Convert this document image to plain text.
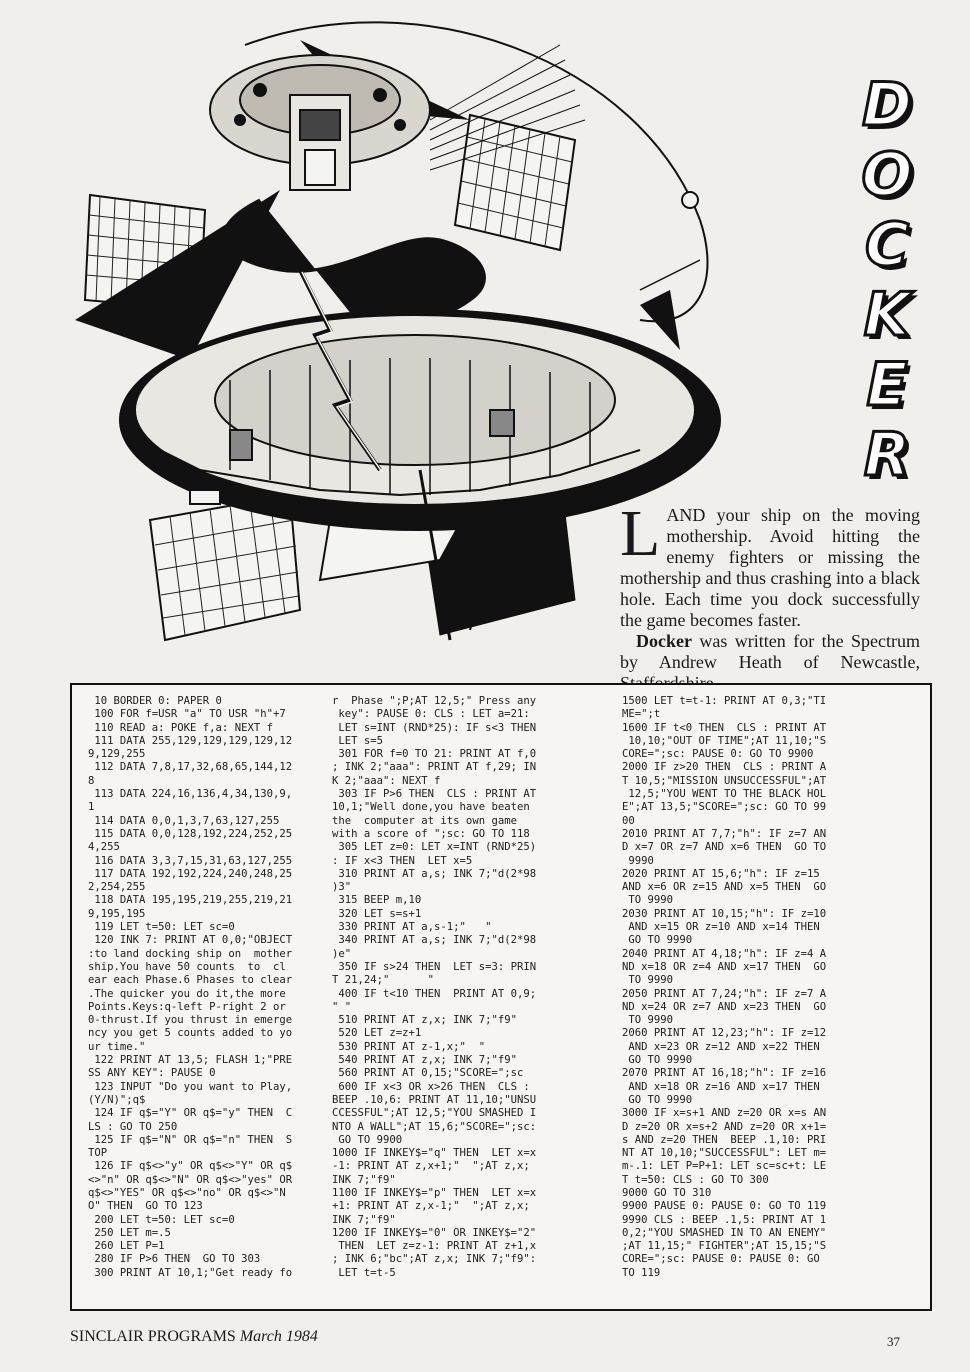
D
O
C
K
E
R

LAND your ship on the moving mothership. Avoid hitting the enemy fighters or missing the mothership and thus crashing into a black hole. Each time you dock successfully the game becomes faster.

Docker was written for the Spectrum by Andrew Heath of Newcastle,

10 BORDER 0: PAPER 0
100 FOR f=USR "a" TO USR "h"+7
110 READ a: POKE f,a: NEXT f
111 DATA 255,129,129,129,129,12
9,129,255
112 DATA 7,8,17,32,68,65,144,12
8
113 DATA 224,16,136,4,34,130,9,
1
114 DATA 0,0,1,3,7,63,127,255
115 DATA 0,0,128,192,224,252,25
4,255
116 DATA 3,3,7,15,31,63,127,255
117 DATA 192,192,224,240,248,25
2,254,255
118 DATA 195,195,219,255,219,21
9,195,195
119 LET t=50: LET sc=0
120 INK 7: PRINT AT 0,0;"OBJECT
:to land docking ship on  mother
ship.You have 50 counts  to  cl
ear each Phase.6 Phases to clear
.The quicker you do it,the more
Points.Keys:q-left P-right 2 or
0-thrust.If you thrust in emerge
ncy you get 5 counts added to yo
ur time."
122 PRINT AT 13,5; FLASH 1;"PRE
SS ANY KEY": PAUSE 0
123 INPUT "Do you want to Play,
(Y/N)";q$
124 IF q$="Y" OR q$="y" THEN  C
LS : GO TO 250
125 IF q$="N" OR q$="n" THEN  S
TOP
126 IF q$<>"y" OR q$<>"Y" OR q$
<>"n" OR q$<>"N" OR q$<>"yes" OR
q$<>"YES" OR q$<>"no" OR q$<>"N
O" THEN  GO TO 123
200 LET t=50: LET sc=0
250 LET m=.5
260 LET P=1
280 IF P>6 THEN  GO TO 303
300 PRINT AT 10,1;"Get ready fo
r  Phase ";P;AT 12,5;" Press any
key": PAUSE 0: CLS : LET a=21:
LET s=INT (RND*25): IF s<3 THEN
LET s=5
301 FOR f=0 TO 21: PRINT AT f,0
; INK 2;"aaa": PRINT AT f,29; IN
K 2;"aaa": NEXT f
303 IF P>6 THEN  CLS : PRINT AT
10,1;"Well done,you have beaten
the  computer at its own game
with a score of ";sc: GO TO 118
305 LET z=0: LET x=INT (RND*25)
: IF x<3 THEN  LET x=5
310 PRINT AT a,s; INK 7;"d(2*98
)3"
315 BEEP m,10
320 LET s=s+1
330 PRINT AT a,s-1;"   "
340 PRINT AT a,s; INK 7;"d(2*98
)e"
350 IF s>24 THEN  LET s=3: PRIN
T 21,24;"      "
400 IF t<10 THEN  PRINT AT 0,9;
" "
510 PRINT AT z,x; INK 7;"f9"
520 LET z=z+1
530 PRINT AT z-1,x;"  "
540 PRINT AT z,x; INK 7;"f9"
560 PRINT AT 0,15;"SCORE=";sc
600 IF x<3 OR x>26 THEN  CLS :
BEEP .10,6: PRINT AT 11,10;"UNSU
CCESSFUL";AT 12,5;"YOU SMASHED I
NTO A WALL";AT 15,6;"SCORE=";sc:
GO TO 9900
1000 IF INKEY$="q" THEN  LET x=x
-1: PRINT AT z,x+1;"  ";AT z,x;
INK 7;"f9"
1100 IF INKEY$="p" THEN  LET x=x
+1: PRINT AT z,x-1;"  ";AT z,x;
INK 7;"f9"
1200 IF INKEY$="0" OR INKEY$="2"
THEN  LET z=z-1: PRINT AT z+1,x
; INK 6;"bc";AT z,x; INK 7;"f9":
LET t=t-5
1500 LET t=t-1: PRINT AT 0,3;"TI
ME=";t
1600 IF t<0 THEN  CLS : PRINT AT
10,10;"OUT OF TIME";AT 11,10;"S
CORE=";sc: PAUSE 0: GO TO 9900
2000 IF z>20 THEN  CLS : PRINT A
T 10,5;"MISSION UNSUCCESSFUL";AT
12,5;"YOU WENT TO THE BLACK HOL
E";AT 13,5;"SCORE=";sc: GO TO 99
00
2010 PRINT AT 7,7;"h": IF z=7 AN
D x=7 OR z=7 AND x=6 THEN  GO TO
9990
2020 PRINT AT 15,6;"h": IF z=15
AND x=6 OR z=15 AND x=5 THEN  GO
TO 9990
2030 PRINT AT 10,15;"h": IF z=10
AND x=15 OR z=10 AND x=14 THEN
GO TO 9990
2040 PRINT AT 4,18;"h": IF z=4 A
ND x=18 OR z=4 AND x=17 THEN  GO
TO 9990
2050 PRINT AT 7,24;"h": IF z=7 A
ND x=24 OR z=7 AND x=23 THEN  GO
TO 9990
2060 PRINT AT 12,23;"h": IF z=12
AND x=23 OR z=12 AND x=22 THEN
GO TO 9990
2070 PRINT AT 16,18;"h": IF z=16
AND x=18 OR z=16 AND x=17 THEN
GO TO 9990
3000 IF x=s+1 AND z=20 OR x=s AN
D z=20 OR x=s+2 AND z=20 OR x+1=
s AND z=20 THEN  BEEP .1,10: PRI
NT AT 10,10;"SUCCESSFUL": LET m=
m-.1: LET P=P+1: LET sc=sc+t: LE
T t=50: CLS : GO TO 300
9000 GO TO 310
9900 PAUSE 0: PAUSE 0: GO TO 119
9990 CLS : BEEP .1,5: PRINT AT 1
0,2;"YOU SMASHED IN TO AN ENEMY"
;AT 11,15;" FIGHTER";AT 15,15;"S
CORE=";sc: PAUSE 0: PAUSE 0: GO
TO 119
SINCLAIR PROGRAMS March 1984	37
